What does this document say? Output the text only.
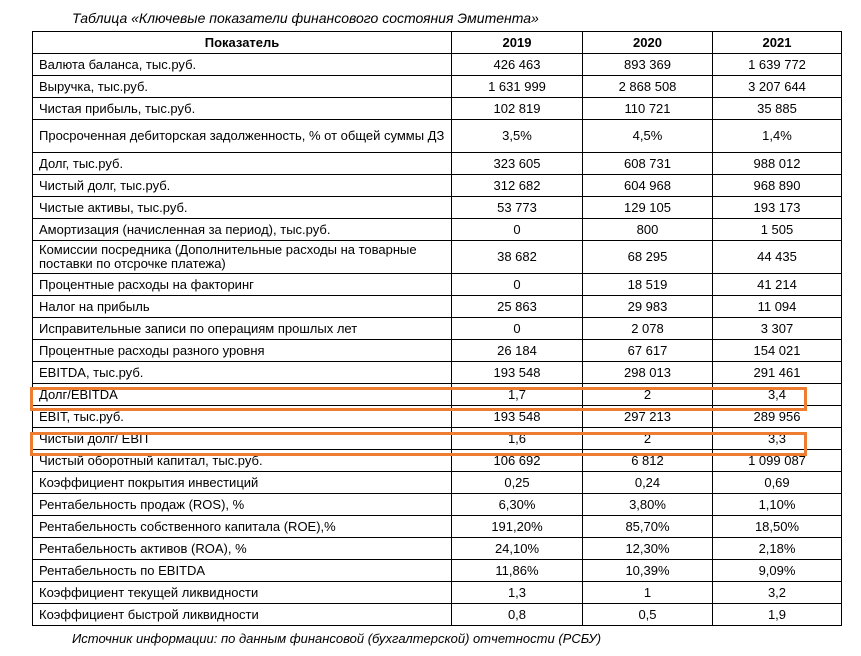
Таблица «Ключевые показатели финансового состояния Эмитента»
Показатель	2019	2020	2021
Валюта баланса, тыс.руб.	426 463	893 369	1 639 772
Выручка, тыс.руб.	1 631 999	2 868 508	3 207 644
Чистая прибыль, тыс.руб.	102 819	110 721	35 885
Просроченная дебиторская задолженность, % от общей суммы ДЗ	3,5%	4,5%	1,4%
Долг, тыс.руб.	323 605	608 731	988 012
Чистый долг, тыс.руб.	312 682	604 968	968 890
Чистые активы, тыс.руб.	53 773	129 105	193 173
Амортизация (начисленная за период), тыс.руб.	0	800	1 505
Комиссии посредника (Дополнительные расходы на товарные поставки по отсрочке платежа)	38 682	68 295	44 435
Процентные расходы на факторинг	0	18 519	41 214
Налог на прибыль	25 863	29 983	11 094
Исправительные записи по операциям прошлых лет	0	2 078	3 307
Процентные расходы разного уровня	26 184	67 617	154 021
EBITDA, тыс.руб.	193 548	298 013	291 461
Долг/EBITDA	1,7	2	3,4
EBIT, тыс.руб.	193 548	297 213	289 956
Чистый долг/ EBIT	1,6	2	3,3
Чистый оборотный капитал, тыс.руб.	106 692	6 812	1 099 087
Коэффициент покрытия инвестиций	0,25	0,24	0,69
Рентабельность продаж (ROS), %	6,30%	3,80%	1,10%
Рентабельность собственного капитала (ROE),%	191,20%	85,70%	18,50%
Рентабельность активов (ROA), %	24,10%	12,30%	2,18%
Рентабельность по EBITDA	11,86%	10,39%	9,09%
Коэффициент текущей ликвидности	1,3	1	3,2
Коэффициент быстрой ликвидности	0,8	0,5	1,9
Источник информации: по данным финансовой (бухгалтерской) отчетности (РСБУ)
